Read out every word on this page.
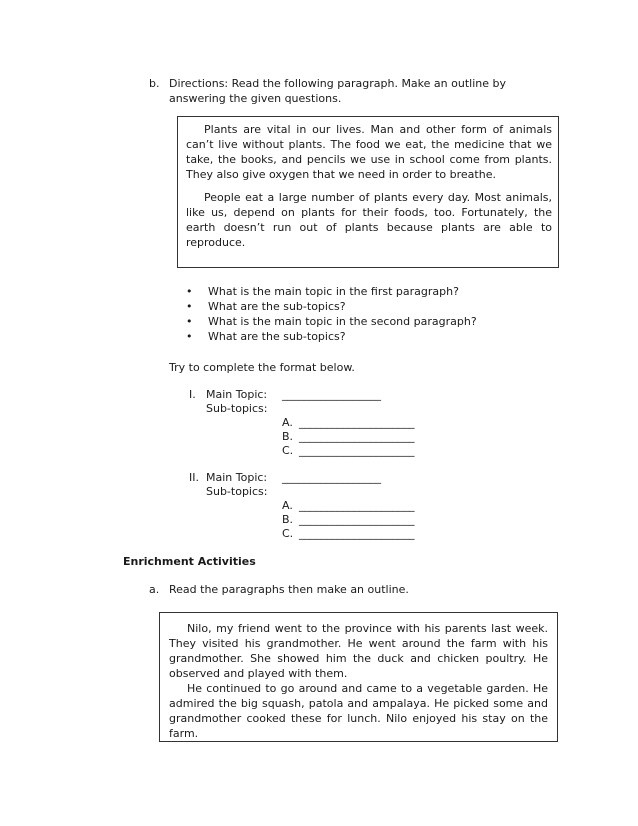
b. Directions: Read the following paragraph. Make an outline by answering the given questions.
Plants are vital in our lives. Man and other form of animals can’t live without plants. The food we eat, the medicine that we take, the books, and pencils we use in school come from plants. They also give oxygen that we need in order to breathe.
People eat a large number of plants every day. Most animals, like us, depend on plants for their foods, too. Fortunately, the earth doesn’t run out of plants because plants are able to reproduce.
• What is the main topic in the first paragraph?
• What are the sub-topics?
• What is the main topic in the second paragraph?
• What are the sub-topics?
Try to complete the format below.
I. Main Topic: __________________
Sub-topics:
A. _____________________
B. _____________________
C. _____________________
II. Main Topic: __________________
Sub-topics:
A. _____________________
B. _____________________
C. _____________________
Enrichment Activities
a. Read the paragraphs then make an outline.
Nilo, my friend went to the province with his parents last week. They visited his grandmother. He went around the farm with his grandmother. She showed him the duck and chicken poultry. He observed and played with them.
He continued to go around and came to a vegetable garden. He admired the big squash, patola and ampalaya. He picked some and grandmother cooked these for lunch. Nilo enjoyed his stay on the farm.
